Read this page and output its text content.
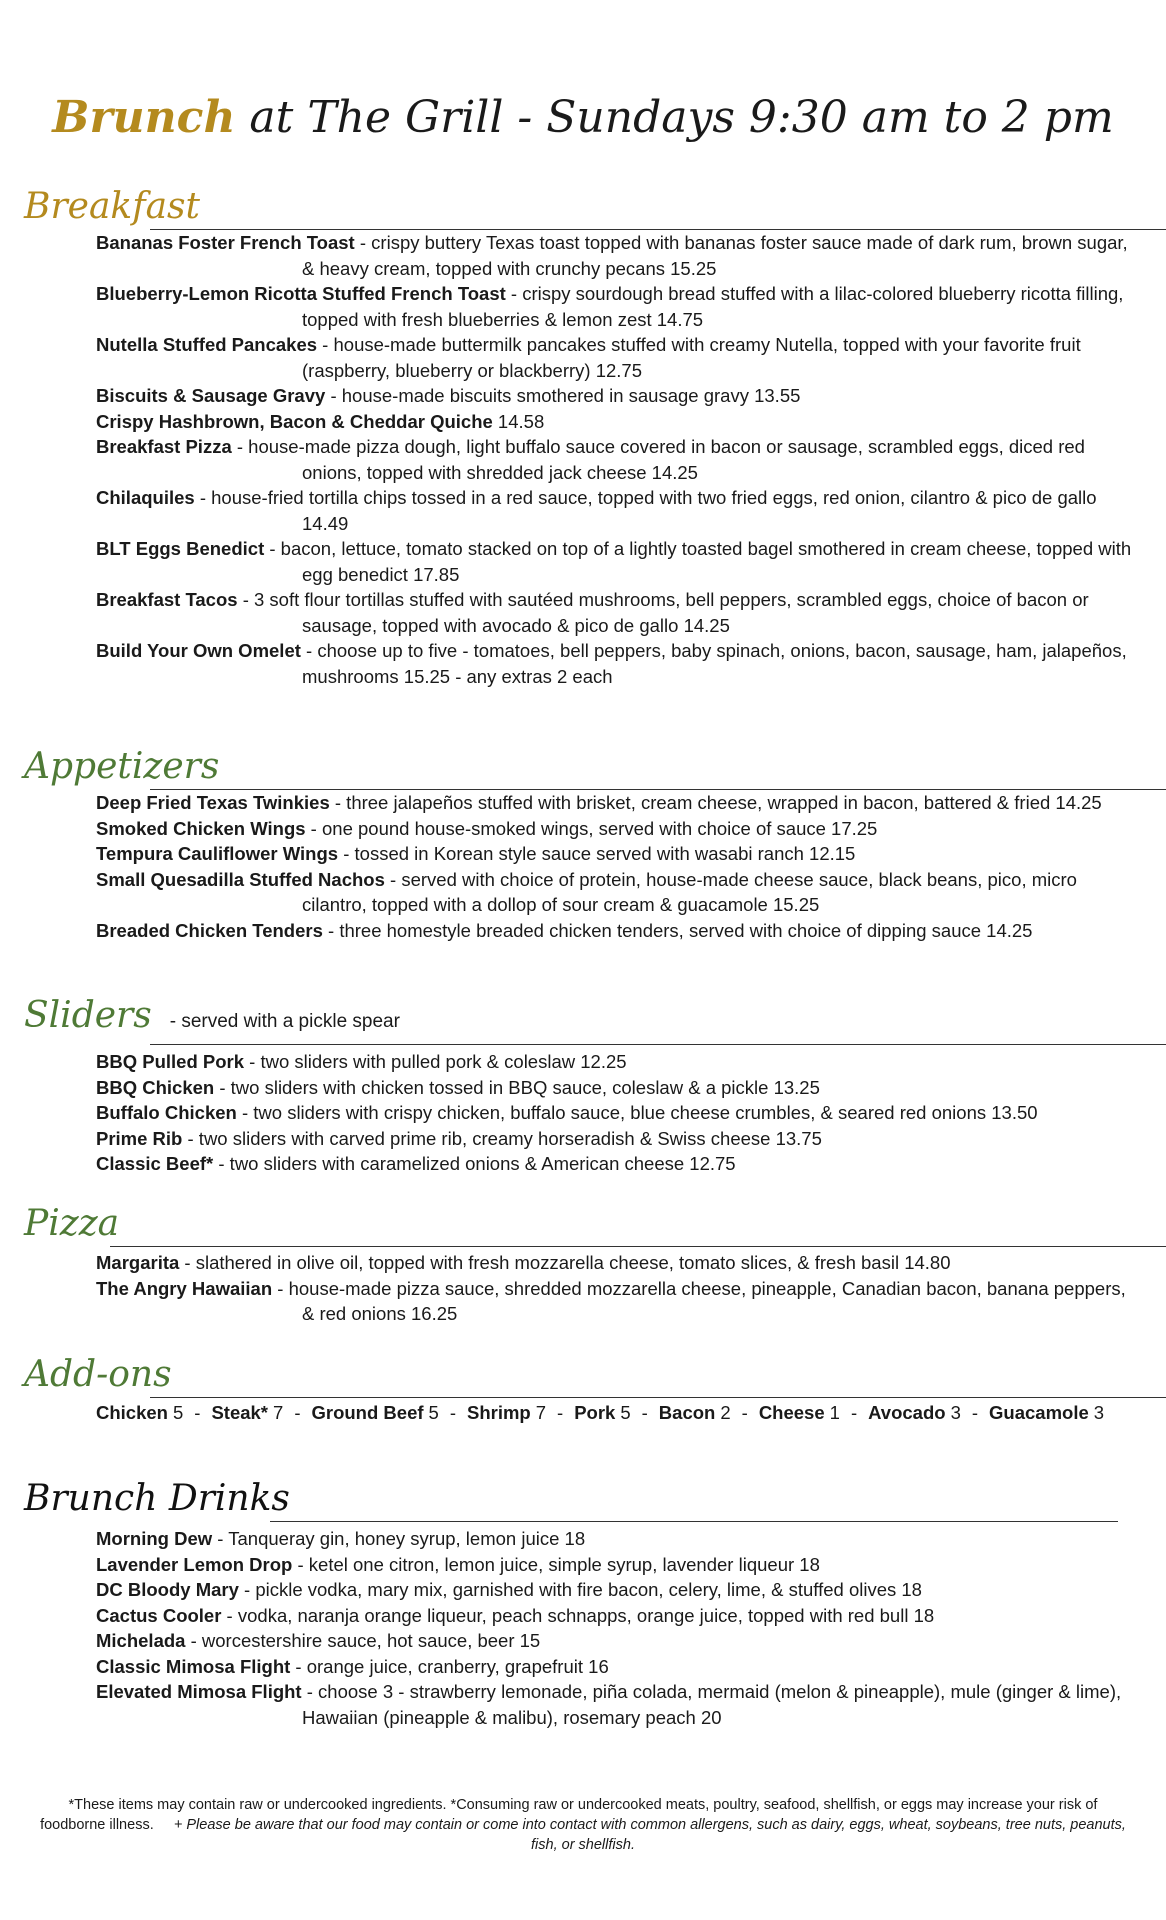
Brunch at The Grill - Sundays 9:30 am to 2 pm
Breakfast
Bananas Foster French Toast - crispy buttery Texas toast topped with bananas foster sauce made of dark rum, brown sugar, & heavy cream, topped with crunchy pecans 15.25
Blueberry-Lemon Ricotta Stuffed French Toast - crispy sourdough bread stuffed with a lilac-colored blueberry ricotta filling, topped with fresh blueberries & lemon zest 14.75
Nutella Stuffed Pancakes - house-made buttermilk pancakes stuffed with creamy Nutella, topped with your favorite fruit (raspberry, blueberry or blackberry) 12.75
Biscuits & Sausage Gravy - house-made biscuits smothered in sausage gravy 13.55
Crispy Hashbrown, Bacon & Cheddar Quiche 14.58
Breakfast Pizza - house-made pizza dough, light buffalo sauce covered in bacon or sausage, scrambled eggs, diced red onions, topped with shredded jack cheese 14.25
Chilaquiles - house-fried tortilla chips tossed in a red sauce, topped with two fried eggs, red onion, cilantro & pico de gallo 14.49
BLT Eggs Benedict - bacon, lettuce, tomato stacked on top of a lightly toasted bagel smothered in cream cheese, topped with egg benedict 17.85
Breakfast Tacos - 3 soft flour tortillas stuffed with sautéed mushrooms, bell peppers, scrambled eggs, choice of bacon or sausage, topped with avocado & pico de gallo 14.25
Build Your Own Omelet - choose up to five - tomatoes, bell peppers, baby spinach, onions, bacon, sausage, ham, jalapeños, mushrooms 15.25 - any extras 2 each
Appetizers
Deep Fried Texas Twinkies - three jalapeños stuffed with brisket, cream cheese, wrapped in bacon, battered & fried 14.25
Smoked Chicken Wings - one pound house-smoked wings, served with choice of sauce 17.25
Tempura Cauliflower Wings - tossed in Korean style sauce served with wasabi ranch 12.15
Small Quesadilla Stuffed Nachos - served with choice of protein, house-made cheese sauce, black beans, pico, micro cilantro, topped with a dollop of sour cream & guacamole 15.25
Breaded Chicken Tenders - three homestyle breaded chicken tenders, served with choice of dipping sauce 14.25
Sliders - served with a pickle spear
BBQ Pulled Pork - two sliders with pulled pork & coleslaw 12.25
BBQ Chicken - two sliders with chicken tossed in BBQ sauce, coleslaw & a pickle 13.25
Buffalo Chicken - two sliders with crispy chicken, buffalo sauce, blue cheese crumbles, & seared red onions 13.50
Prime Rib - two sliders with carved prime rib, creamy horseradish & Swiss cheese 13.75
Classic Beef* - two sliders with caramelized onions & American cheese 12.75
Pizza
Margarita - slathered in olive oil, topped with fresh mozzarella cheese, tomato slices, & fresh basil 14.80
The Angry Hawaiian - house-made pizza sauce, shredded mozzarella cheese, pineapple, Canadian bacon, banana peppers, & red onions 16.25
Add-ons
Chicken 5 - Steak* 7 - Ground Beef 5 - Shrimp 7 - Pork 5 - Bacon 2 - Cheese 1 - Avocado 3 - Guacamole 3
Brunch Drinks
Morning Dew - Tanqueray gin, honey syrup, lemon juice 18
Lavender Lemon Drop - ketel one citron, lemon juice, simple syrup, lavender liqueur 18
DC Bloody Mary - pickle vodka, mary mix, garnished with fire bacon, celery, lime, & stuffed olives 18
Cactus Cooler - vodka, naranja orange liqueur, peach schnapps, orange juice, topped with red bull 18
Michelada - worcestershire sauce, hot sauce, beer 15
Classic Mimosa Flight - orange juice, cranberry, grapefruit 16
Elevated Mimosa Flight - choose 3 - strawberry lemonade, piña colada, mermaid (melon & pineapple), mule (ginger & lime), Hawaiian (pineapple & malibu), rosemary peach 20
*These items may contain raw or undercooked ingredients. *Consuming raw or undercooked meats, poultry, seafood, shellfish, or eggs may increase your risk of foodborne illness. + Please be aware that our food may contain or come into contact with common allergens, such as dairy, eggs, wheat, soybeans, tree nuts, peanuts, fish, or shellfish.
